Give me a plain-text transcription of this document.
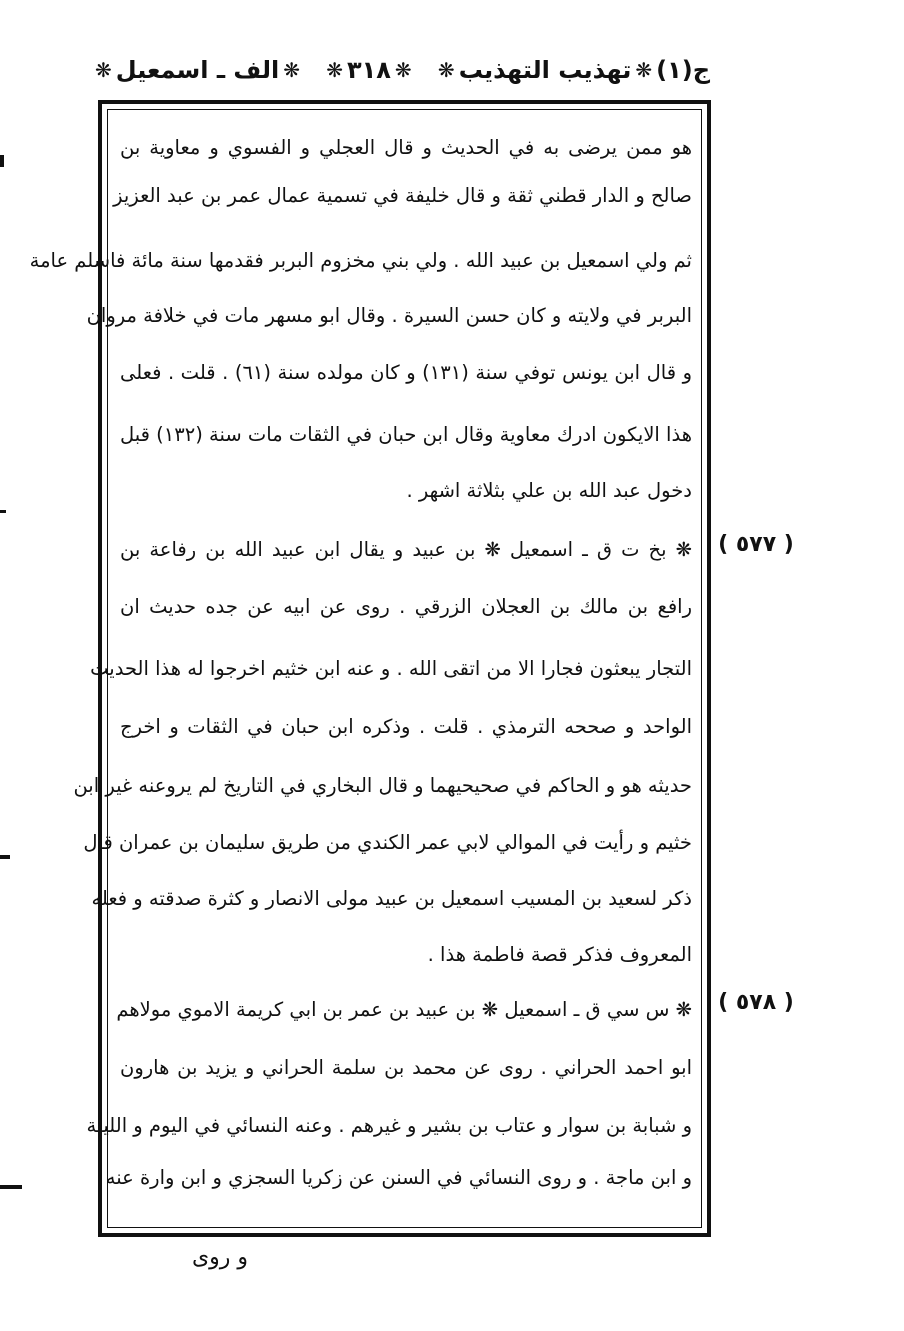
ج(١)
❋
تهذيب التهذيب
❋
❋
٣١٨
❋
❋
الف ـ اسمعيل
❋
هو ممن يرضى به في الحديث و قال العجلي و الفسوي و معاوية بن
صالح و الدار قطني ثقة و قال خليفة في تسمية عمال عمر بن عبد العزيز
ثم ولي اسمعيل بن عبيد الله . ولي بني مخزوم البربر فقدمها سنة مائة فاسلم عامة
البربر في ولايته و كان حسن السيرة . وقال ابو مسهر مات في خلافة مروان
و قال ابن يونس توفي سنة (١٣١) و كان مولده سنة (٦١) . قلت . فعلى
هذا الايكون ادرك معاوية وقال ابن حبان في الثقات مات سنة (١٣٢) قبل
دخول عبد الله بن علي بثلاثة اشهر .
❋ بخ ت ق ـ اسمعيل ❋ بن عبيد و يقال ابن عبيد الله بن رفاعة بن
رافع بن مالك بن العجلان الزرقي . روى عن ابيه عن جده حديث ان
التجار يبعثون فجارا الا من اتقى الله . و عنه ابن خثيم اخرجوا له هذا الحديث
الواحد و صححه الترمذي . قلت . وذكره ابن حبان في الثقات و اخرج
حديثه هو و الحاكم في صحيحيهما و قال البخاري في التاريخ لم يروعنه غير ابن
خثيم و رأيت في الموالي لابي عمر الكندي من طريق سليمان بن عمران قال
ذكر لسعيد بن المسيب اسمعيل بن عبيد مولى الانصار و كثرة صدقته و فعله
المعروف فذكر قصة فاطمة هذا .
❋ س سي ق ـ اسمعيل ❋ بن عبيد بن عمر بن ابي كريمة الاموي مولاهم
ابو احمد الحراني . روى عن محمد بن سلمة الحراني و يزيد بن هارون
و شبابة بن سوار و عتاب بن بشير و غيرهم . وعنه النسائي في اليوم و الليلة
و ابن ماجة . و روى النسائي في السنن عن زكريا السجزي و ابن وارة عنه
( ٥٧٧ )
( ٥٧٨ )
و روى
